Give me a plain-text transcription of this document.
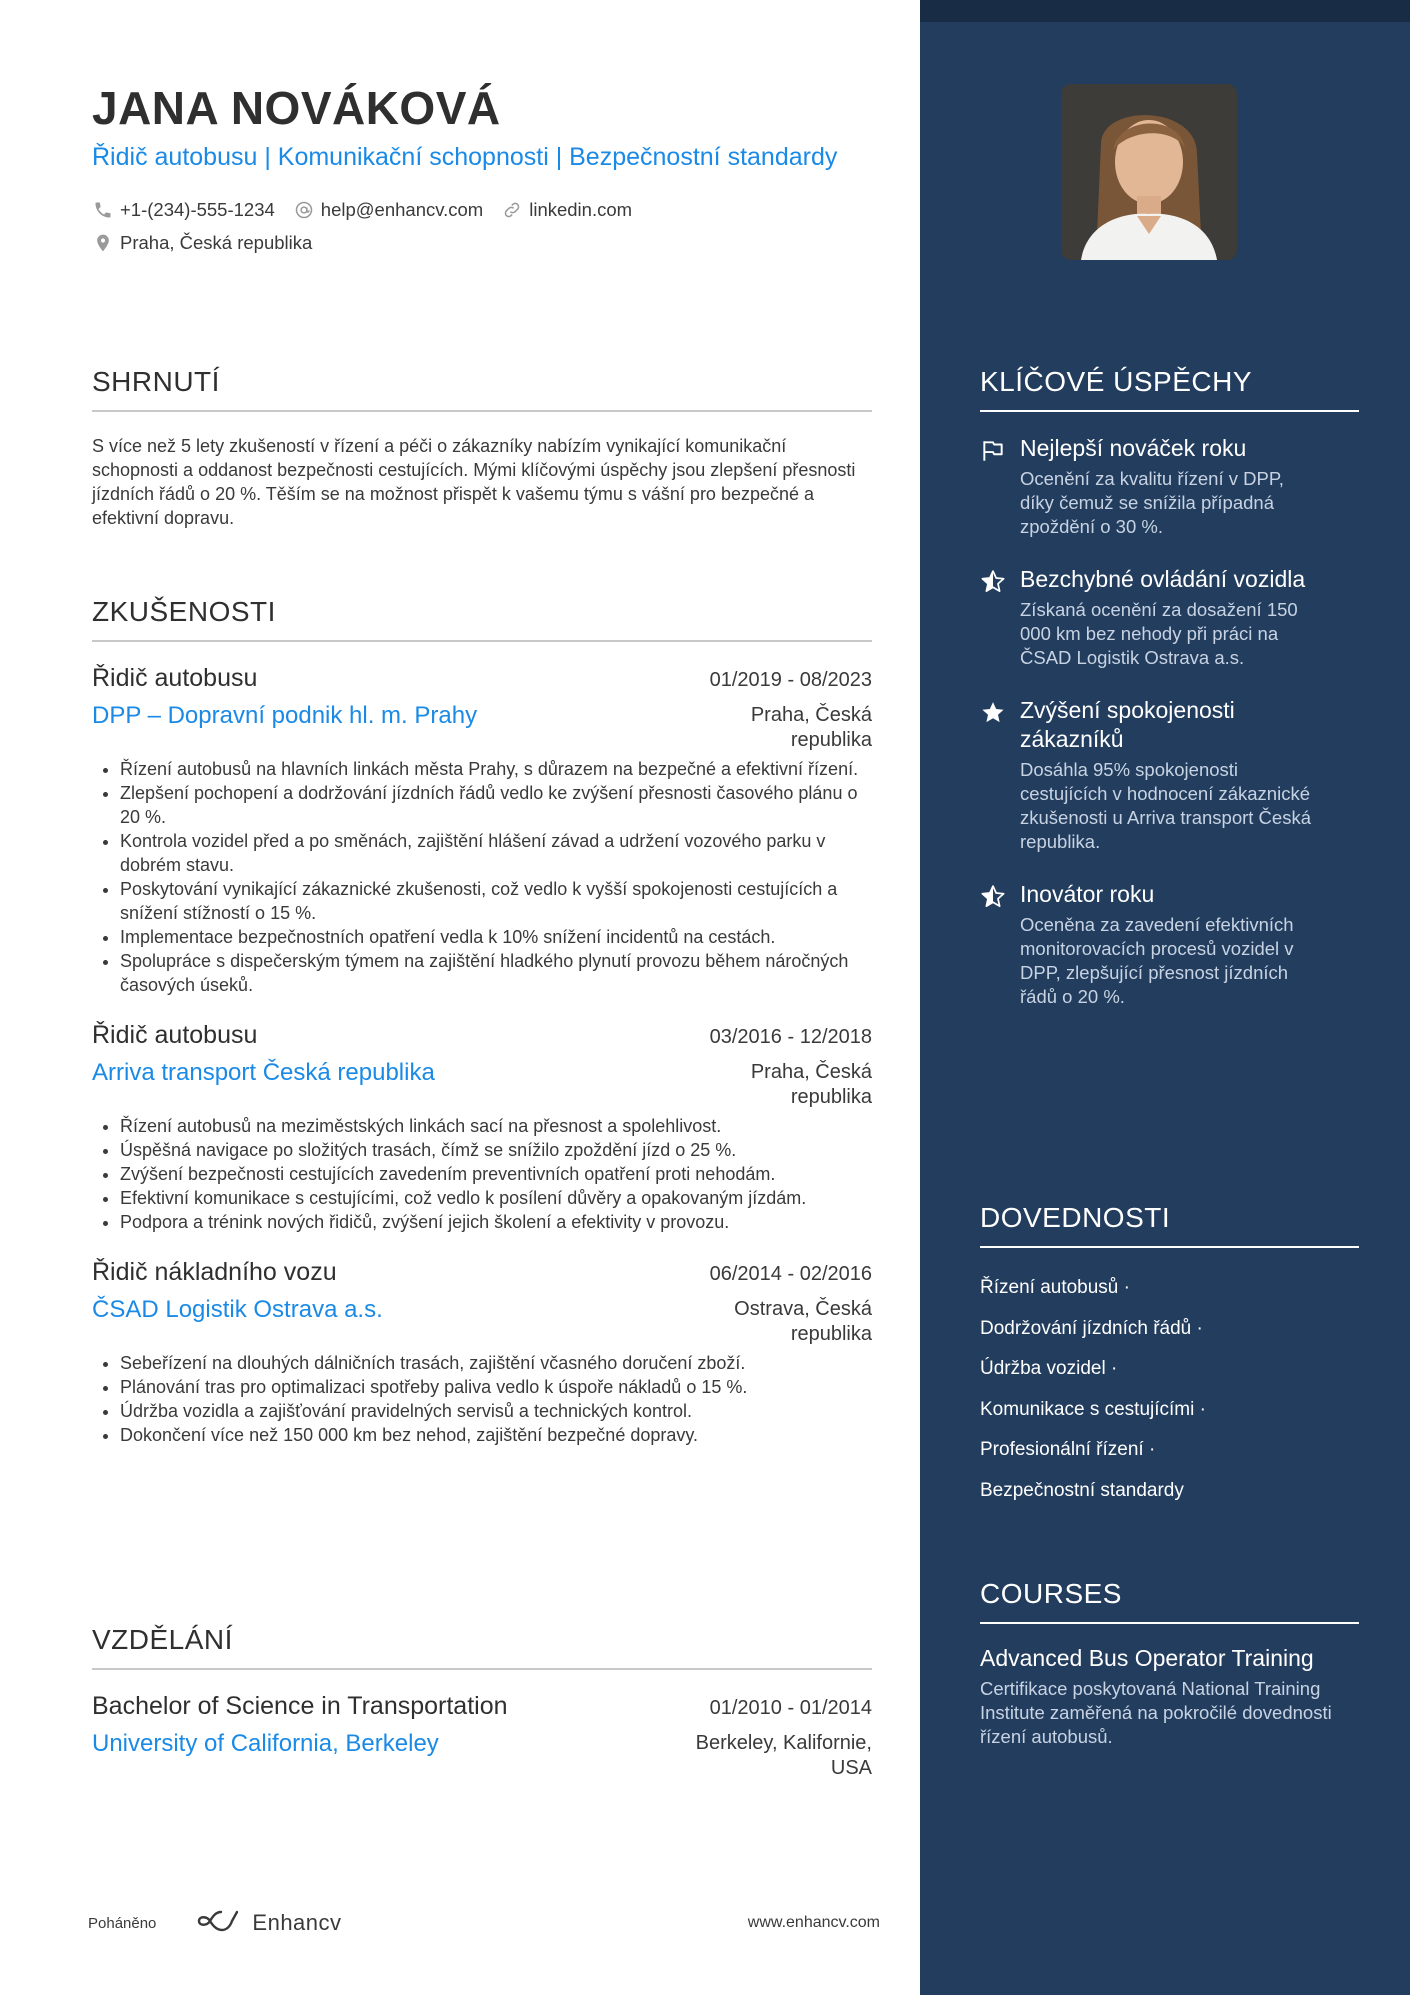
JANA NOVÁKOVÁ
Řidič autobusu | Komunikační schopnosti | Bezpečnostní standardy
+1-(234)-555-1234 help@enhancv.com linkedin.com
Praha, Česká republika
SHRNUTÍ
S více než 5 lety zkušeností v řízení a péči o zákazníky nabízím vynikající komunikační schopnosti a oddanost bezpečnosti cestujících. Mými klíčovými úspěchy jsou zlepšení přesnosti jízdních řádů o 20 %. Těším se na možnost přispět k vašemu týmu s vášní pro bezpečné a efektivní dopravu.
ZKUŠENOSTI
Řidič autobusu	01/2019 - 08/2023
DPP – Dopravní podnik hl. m. Prahy	Praha, Česká republika
• Řízení autobusů na hlavních linkách města Prahy, s důrazem na bezpečné a efektivní řízení.
• Zlepšení pochopení a dodržování jízdních řádů vedlo ke zvýšení přesnosti časového plánu o 20 %.
• Kontrola vozidel před a po směnách, zajištění hlášení závad a udržení vozového parku v dobrém stavu.
• Poskytování vynikající zákaznické zkušenosti, což vedlo k vyšší spokojenosti cestujících a snížení stížností o 15 %.
• Implementace bezpečnostních opatření vedla k 10% snížení incidentů na cestách.
• Spolupráce s dispečerským týmem na zajištění hladkého plynutí provozu během náročných časových úseků.
Řidič autobusu	03/2016 - 12/2018
Arriva transport Česká republika	Praha, Česká republika
• Řízení autobusů na meziměstských linkách sací na přesnost a spolehlivost.
• Úspěšná navigace po složitých trasách, čímž se snížilo zpoždění jízd o 25 %.
• Zvýšení bezpečnosti cestujících zavedením preventivních opatření proti nehodám.
• Efektivní komunikace s cestujícími, což vedlo k posílení důvěry a opakovaným jízdám.
• Podpora a trénink nových řidičů, zvýšení jejich školení a efektivity v provozu.
Řidič nákladního vozu	06/2014 - 02/2016
ČSAD Logistik Ostrava a.s.	Ostrava, Česká republika
• Sebeřízení na dlouhých dálničních trasách, zajištění včasného doručení zboží.
• Plánování tras pro optimalizaci spotřeby paliva vedlo k úspoře nákladů o 15 %.
• Údržba vozidla a zajišťování pravidelných servisů a technických kontrol.
• Dokončení více než 150 000 km bez nehod, zajištění bezpečné dopravy.
VZDĚLÁNÍ
Bachelor of Science in Transportation	01/2010 - 01/2014
University of California, Berkeley	Berkeley, Kalifornie, USA
Poháněno	Enhancv	www.enhancv.com
KLÍČOVÉ ÚSPĚCHY
Nejlepší nováček roku
Ocenění za kvalitu řízení v DPP, díky čemuž se snížila případná zpoždění o 30 %.
Bezchybné ovládání vozidla
Získaná ocenění za dosažení 150 000 km bez nehody při práci na ČSAD Logistik Ostrava a.s.
Zvýšení spokojenosti zákazníků
Dosáhla 95% spokojenosti cestujících v hodnocení zákaznické zkušenosti u Arriva transport Česká republika.
Inovátor roku
Oceněna za zavedení efektivních monitorovacích procesů vozidel v DPP, zlepšující přesnost jízdních řádů o 20 %.
DOVEDNOSTI
Řízení autobusů ·
Dodržování jízdních řádů ·
Údržba vozidel ·
Komunikace s cestujícími ·
Profesionální řízení ·
Bezpečnostní standardy
COURSES
Advanced Bus Operator Training
Certifikace poskytovaná National Training Institute zaměřená na pokročilé dovednosti řízení autobusů.
